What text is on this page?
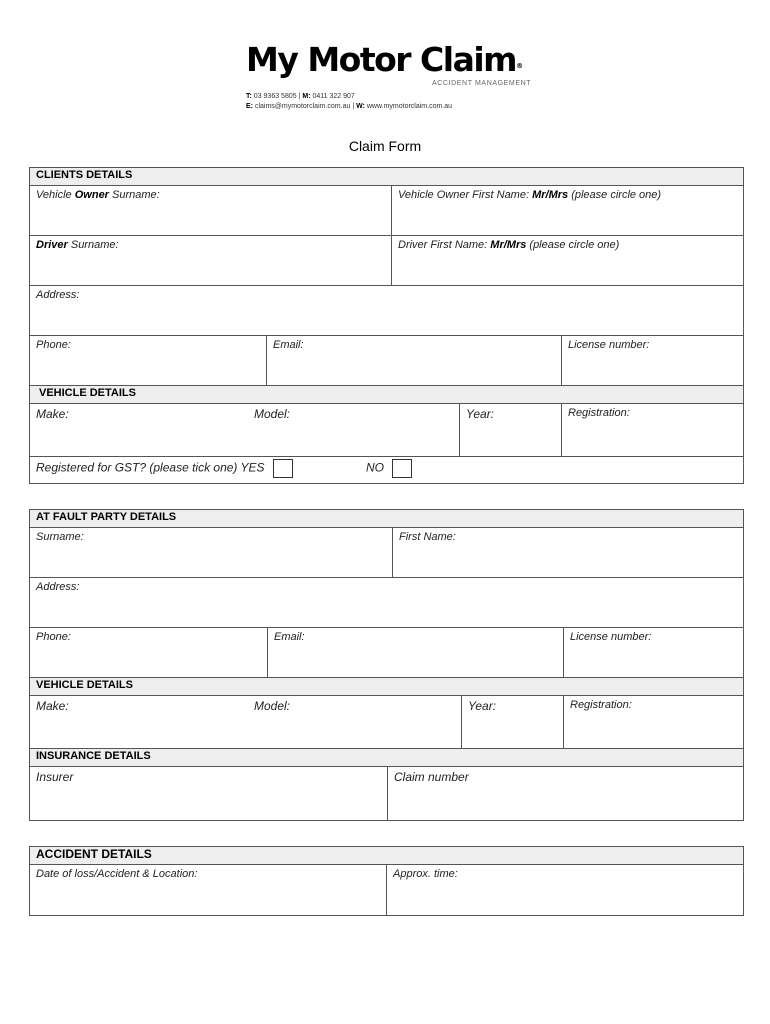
My Motor Claim®
ACCIDENT MANAGEMENT
T: 03 9363 5805 | M: 0411 322 907
E: claims@mymotorclaim.com.au | W: www.mymotorclaim.com.au
Claim Form
CLIENTS DETAILS
Vehicle Owner Surname:	Vehicle Owner First Name: Mr/Mrs (please circle one)
Driver Surname:	Driver First Name: Mr/Mrs (please circle one)
Address:
Phone:	Email:	License number:
VEHICLE DETAILS
Make:	Model:	Year:	Registration:
Registered for GST? (please tick one) YES	NO
AT FAULT PARTY DETAILS
Surname:	First Name:
Address:
Phone:	Email:	License number:
VEHICLE DETAILS
Make:	Model:	Year:	Registration:
INSURANCE DETAILS
Insurer	Claim number
ACCIDENT DETAILS
Date of loss/Accident & Location:	Approx. time:
